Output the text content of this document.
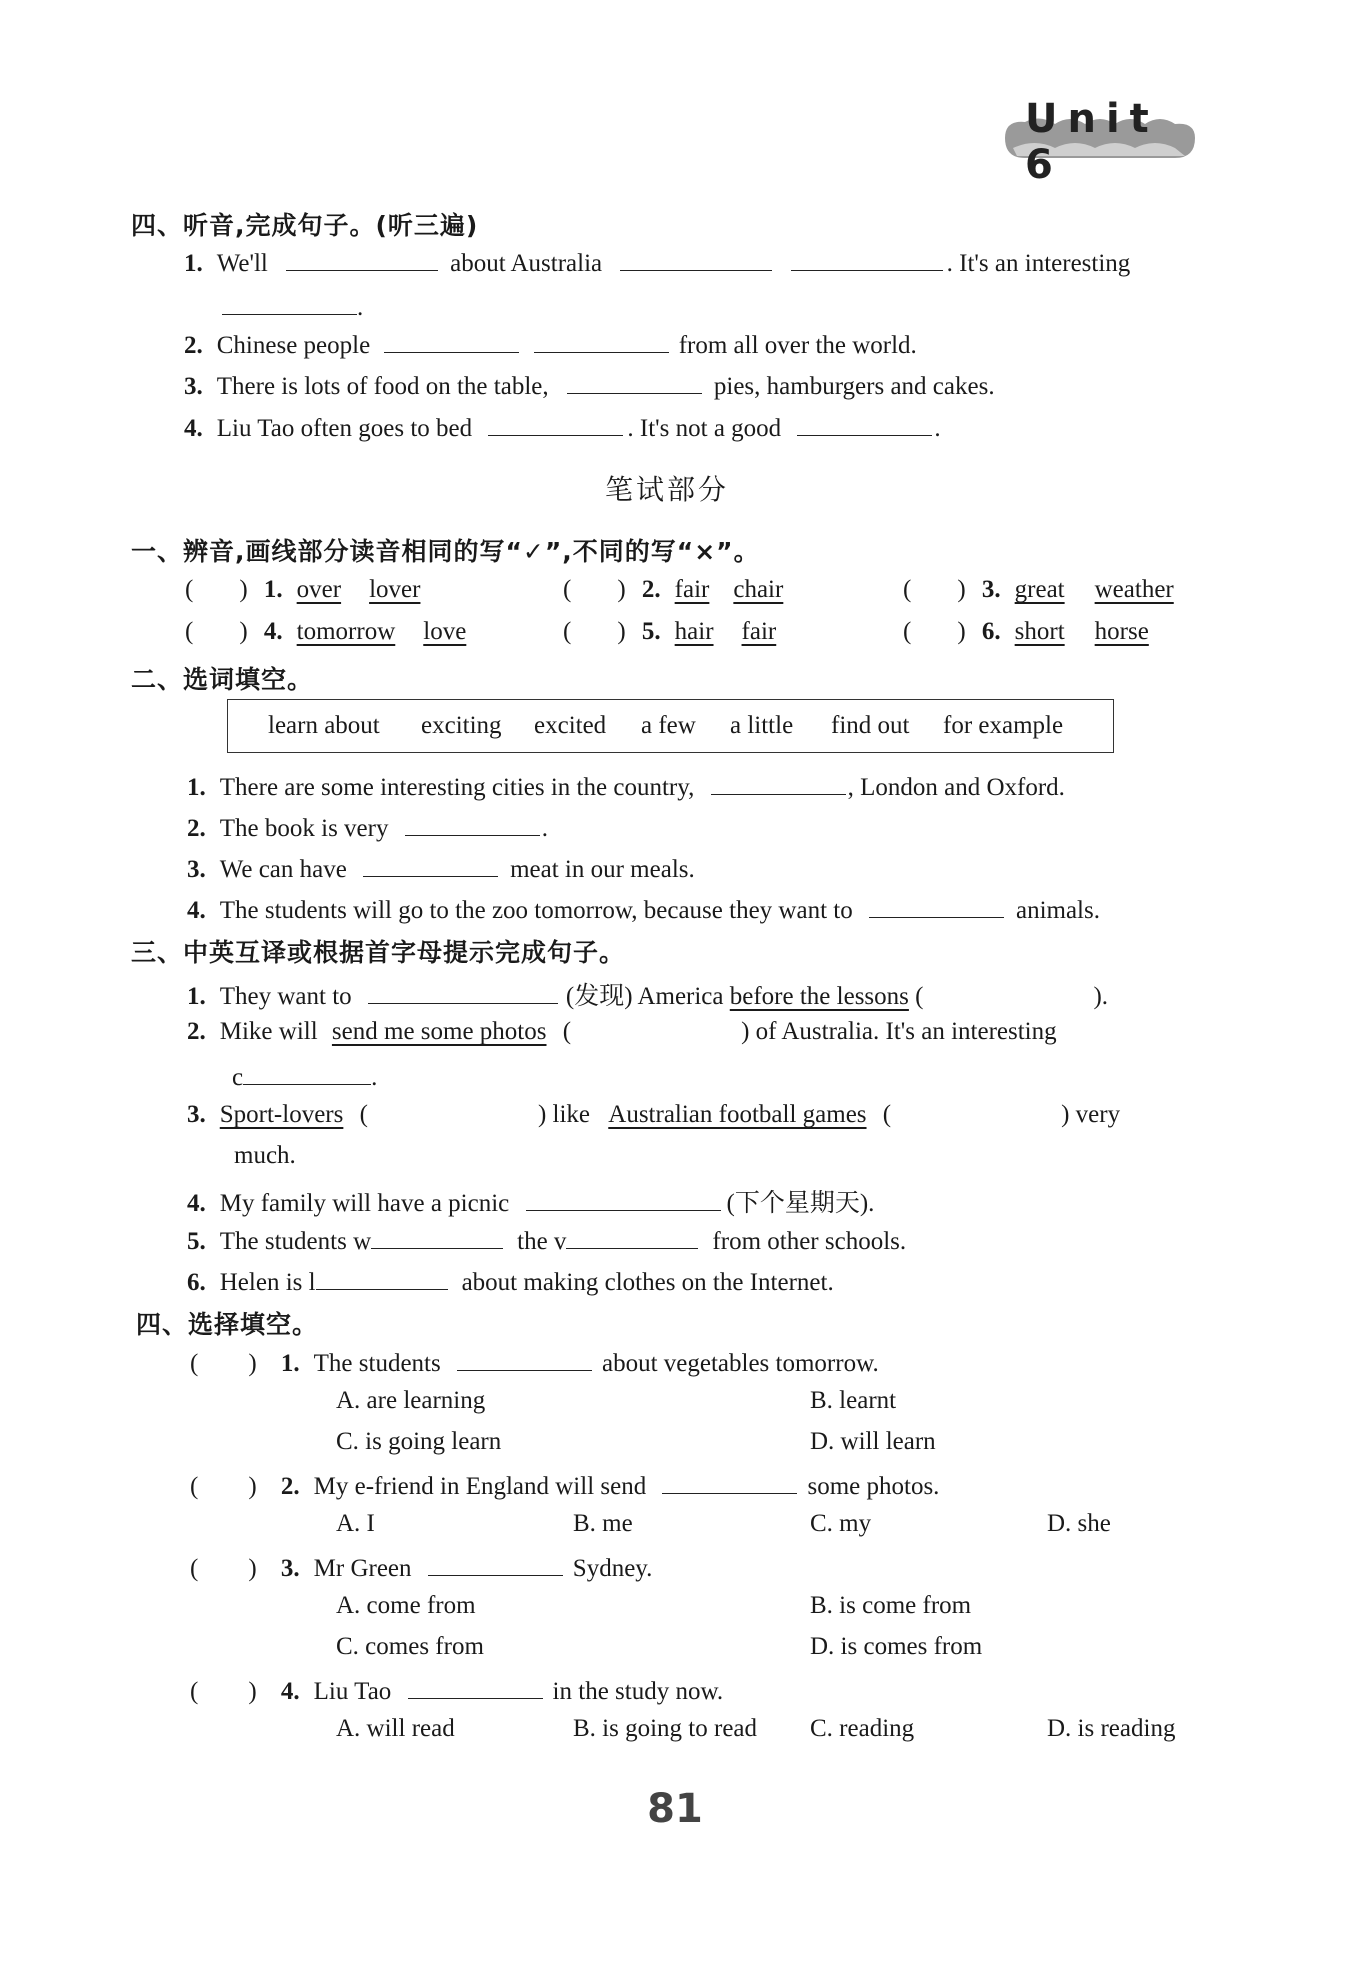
Unit 6
四、听音,完成句子。(听三遍)
1. We'll	about Australia	. It's an interesting
.
2. Chinese people	from all over the world.
3. There is lots of food on the table,	pies, hamburgers and cakes.
4. Liu Tao often goes to bed	. It's not a good	.
笔试部分
一、辨音,画线部分读音相同的写“✓”,不同的写“×”。
( ) 1. over lover	( ) 2. fair chair	( ) 3. great weather
( ) 4. tomorrow love	( ) 5. hair fair	( ) 6. short horse
二、选词填空。
learn about exciting excited a few a little find out for example
1. There are some interesting cities in the country,	, London and Oxford.
2. The book is very	.
3. We can have	meat in our meals.
4. The students will go to the zoo tomorrow, because they want to	animals.
三、中英互译或根据首字母提示完成句子。
1. They want to	(发现) America before the lessons (	).
2. Mike will send me some photos (	) of Australia. It's an interesting
c	.
3. Sport-lovers (	) like Australian football games (	) very
much.
4. My family will have a picnic	(下个星期天).
5. The students w	the v	from other schools.
6. Helen is l	about making clothes on the Internet.
四、选择填空。
( ) 1. The students	about vegetables tomorrow.
A. are learning	B. learnt
C. is going learn	D. will learn
( ) 2. My e-friend in England will send	some photos.
A. I	B. me	C. my	D. she
( ) 3. Mr Green	Sydney.
A. come from	B. is come from
C. comes from	D. is comes from
( ) 4. Liu Tao	in the study now.
A. will read	B. is going to read C. reading	D. is reading
81
